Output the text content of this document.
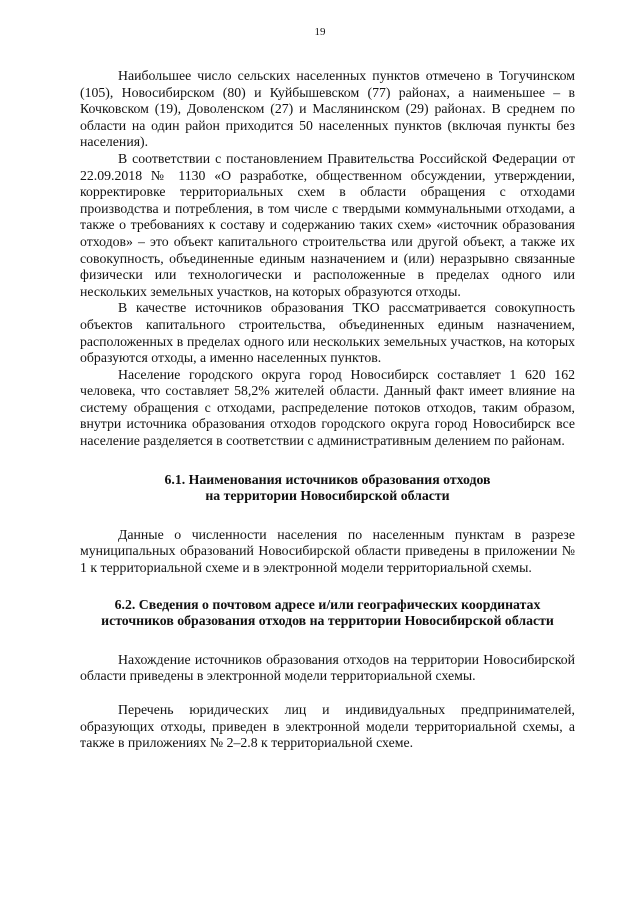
19

Наибольшее число сельских населенных пунктов отмечено в Тогучинском (105), Новосибирском (80) и Куйбышевском (77) районах, а наименьшее – в Кочковском (19), Доволенском (27) и Маслянинском (29) районах. В среднем по области на один район приходится 50 населенных пунктов (включая пункты без населения).

В соответствии с постановлением Правительства Российской Федерации от 22.09.2018 № 1130 «О разработке, общественном обсуждении, утверждении, корректировке территориальных схем в области обращения с отходами производства и потребления, в том числе с твердыми коммунальными отходами, а также о требованиях к составу и содержанию таких схем» «источник образования отходов» – это объект капитального строительства или другой объект, а также их совокупность, объединенные единым назначением и (или) неразрывно связанные физически или технологически и расположенные в пределах одного или нескольких земельных участков, на которых образуются отходы.

В качестве источников образования ТКО рассматривается совокупность объектов капитального строительства, объединенных единым назначением, расположенных в пределах одного или нескольких земельных участков, на которых образуются отходы, а именно населенных пунктов.

Население городского округа город Новосибирск составляет 1 620 162 человека, что составляет 58,2% жителей области. Данный факт имеет влияние на систему обращения с отходами, распределение потоков отходов, таким образом, внутри источника образования отходов городского округа город Новосибирск все население разделяется в соответствии с административным делением по районам.

6.1. Наименования источников образования отходов
на территории Новосибирской области

Данные о численности населения по населенным пунктам в разрезе муниципальных образований Новосибирской области приведены в приложении № 1 к территориальной схеме и в электронной модели территориальной схемы.

6.2. Сведения о почтовом адресе и/или географических координатах
источников образования отходов на территории Новосибирской области

Нахождение источников образования отходов на территории Новосибирской области приведены в электронной модели территориальной схемы.

Перечень юридических лиц и индивидуальных предпринимателей, образующих отходы, приведен в электронной модели территориальной схемы, а также в приложениях № 2–2.8 к территориальной схеме.
